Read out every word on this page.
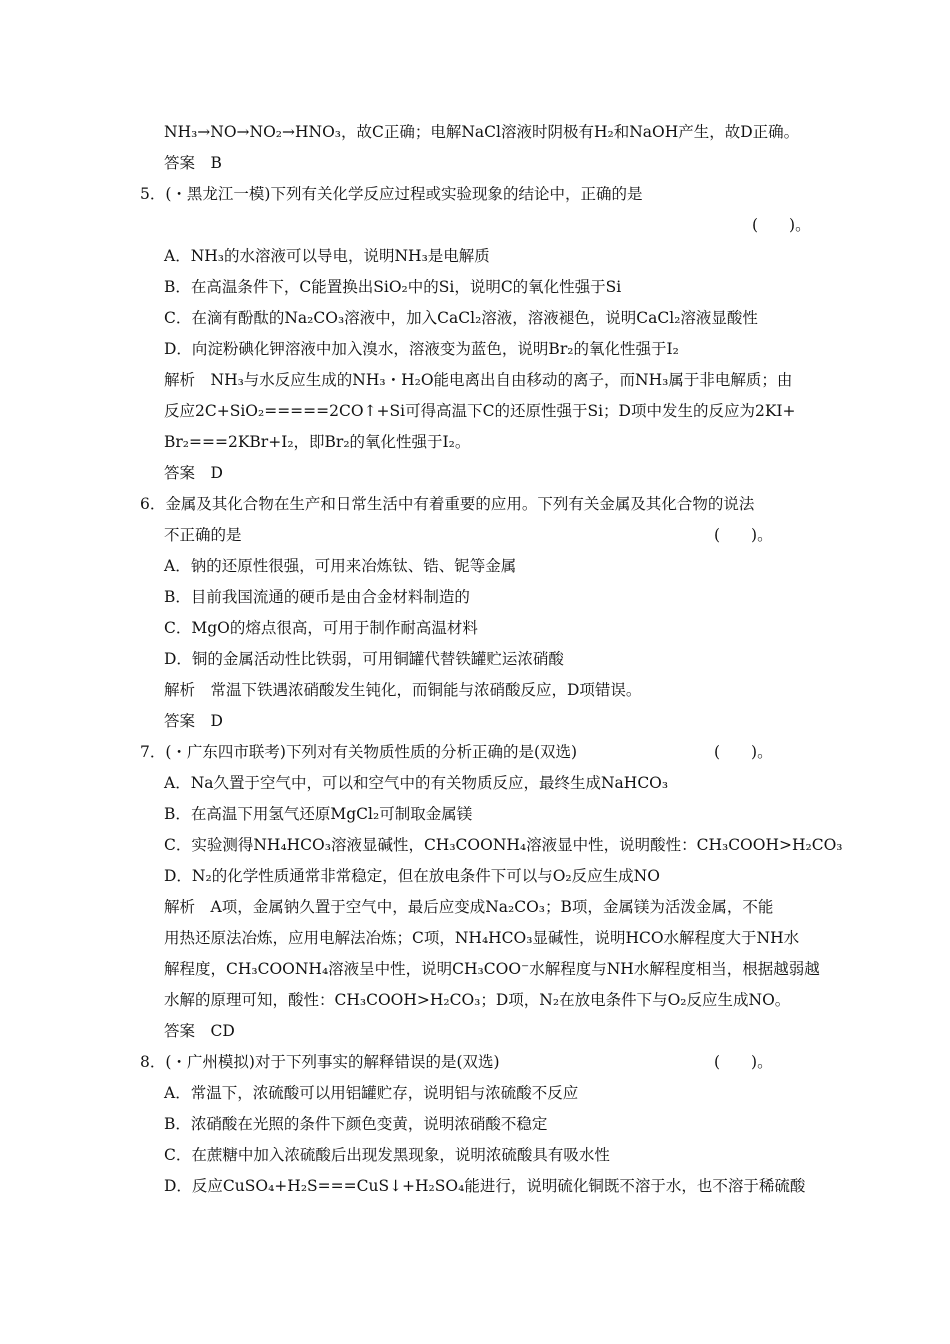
NH₃→NO→NO₂→HNO₃，故C正确；电解NaCl溶液时阴极有H₂和NaOH产生，故D正确。
答案　B
5．(・黑龙江一模)下列有关化学反应过程或实验现象的结论中，正确的是
(　　)。
A．NH₃的水溶液可以导电，说明NH₃是电解质
B．在高温条件下，C能置换出SiO₂中的Si，说明C的氧化性强于Si
C．在滴有酚酞的Na₂CO₃溶液中，加入CaCl₂溶液，溶液褪色，说明CaCl₂溶液显酸性
D．向淀粉碘化钾溶液中加入溴水，溶液变为蓝色，说明Br₂的氧化性强于I₂
解析　NH₃与水反应生成的NH₃・H₂O能电离出自由移动的离子，而NH₃属于非电解质；由
反应2C+SiO₂=====2CO↑+Si可得高温下C的还原性强于Si；D项中发生的反应为2KI+
Br₂===2KBr+I₂，即Br₂的氧化性强于I₂。
答案　D
6．金属及其化合物在生产和日常生活中有着重要的应用。下列有关金属及其化合物的说法
不正确的是	(　　)。
A．钠的还原性很强，可用来冶炼钛、锆、铌等金属
B．目前我国流通的硬币是由合金材料制造的
C．MgO的熔点很高，可用于制作耐高温材料
D．铜的金属活动性比铁弱，可用铜罐代替铁罐贮运浓硝酸
解析　常温下铁遇浓硝酸发生钝化，而铜能与浓硝酸反应，D项错误。
答案　D
7．(・广东四市联考)下列对有关物质性质的分析正确的是(双选)	(　　)。
A．Na久置于空气中，可以和空气中的有关物质反应，最终生成NaHCO₃
B．在高温下用氢气还原MgCl₂可制取金属镁
C．实验测得NH₄HCO₃溶液显碱性，CH₃COONH₄溶液显中性，说明酸性：CH₃COOH>H₂CO₃
D．N₂的化学性质通常非常稳定，但在放电条件下可以与O₂反应生成NO
解析　A项，金属钠久置于空气中，最后应变成Na₂CO₃；B项，金属镁为活泼金属，不能
用热还原法冶炼，应用电解法冶炼；C项，NH₄HCO₃显碱性，说明HCO水解程度大于NH水
解程度，CH₃COONH₄溶液呈中性，说明CH₃COO⁻水解程度与NH水解程度相当，根据越弱越
水解的原理可知，酸性：CH₃COOH>H₂CO₃；D项，N₂在放电条件下与O₂反应生成NO。
答案　CD
8．(・广州模拟)对于下列事实的解释错误的是(双选)	(　　)。
A．常温下，浓硫酸可以用铝罐贮存，说明铝与浓硫酸不反应
B．浓硝酸在光照的条件下颜色变黄，说明浓硝酸不稳定
C．在蔗糖中加入浓硫酸后出现发黑现象，说明浓硫酸具有吸水性
D．反应CuSO₄+H₂S===CuS↓+H₂SO₄能进行，说明硫化铜既不溶于水，也不溶于稀硫酸
